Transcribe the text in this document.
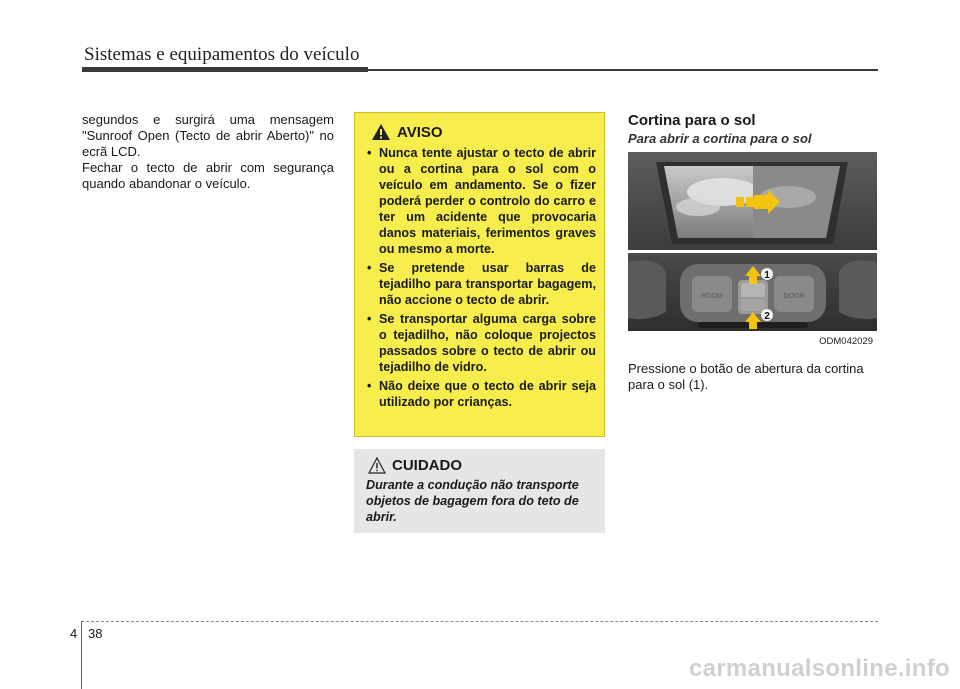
Sistemas e equipamentos do veículo

segundos e surgirá uma mensagem "Sunroof Open (Tecto de abrir Aberto)" no ecrã LCD.

Fechar o tecto de abrir com segurança quando abandonar o veículo.

AVISO
• Nunca tente ajustar o tecto de abrir ou a cortina para o sol com o veículo em andamento. Se o fizer poderá perder o controlo do carro e ter um acidente que provocaria danos materiais, ferimentos graves ou mesmo a morte.
• Se pretende usar barras de tejadilho para transportar bagagem, não accione o tecto de abrir.
• Se transportar alguma carga sobre o tejadilho, não coloque projectos passados sobre o tecto de abrir ou tejadilho de vidro.
• Não deixe que o tecto de abrir seja utilizado por crianças.
CUIDADO
Durante a condução não transporte objetos de bagagem fora do teto de abrir.
Cortina para o sol
Para abrir a cortina para o sol
ROOM	DOOR
1
2
ODM042029

Pressione o botão de abertura da cortina para o sol (1).

4 38
carmanualsonline.info
